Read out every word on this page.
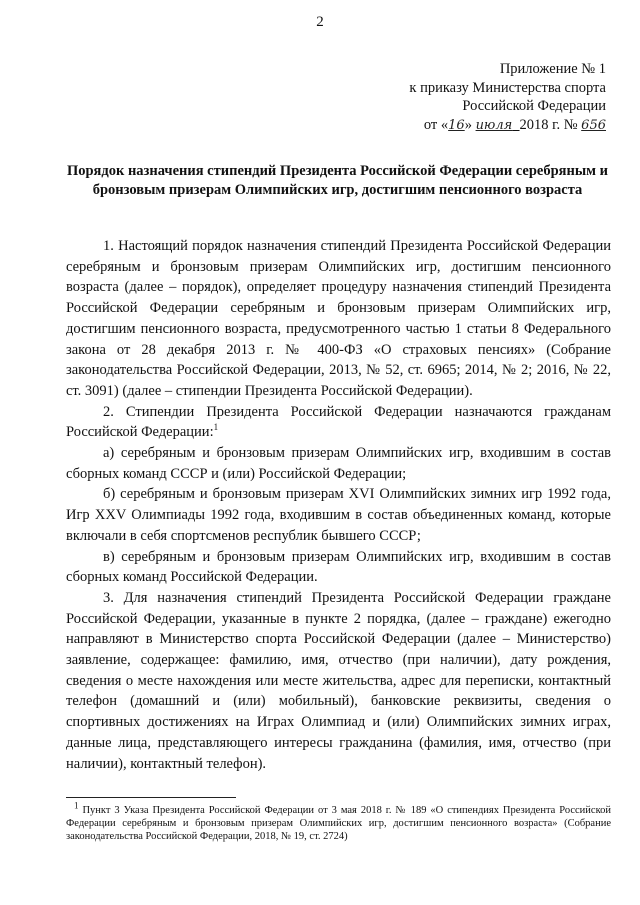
2
Приложение № 1
к приказу Министерства спорта
Российской Федерации
от «16» июля 2018 г. № 656
Порядок назначения стипендий Президента Российской Федерации серебряным и бронзовым призерам Олимпийских игр, достигшим пенсионного возраста

1. Настоящий порядок назначения стипендий Президента Российской Федерации серебряным и бронзовым призерам Олимпийских игр, достигшим пенсионного возраста (далее – порядок), определяет процедуру назначения стипендий Президента Российской Федерации серебряным и бронзовым призерам Олимпийских игр, достигшим пенсионного возраста, предусмотренного частью 1 статьи 8 Федерального закона от 28 декабря 2013 г. № 400-ФЗ «О страховых пенсиях» (Собрание законодательства Российской Федерации, 2013, № 52, ст. 6965; 2014, № 2; 2016, № 22, ст. 3091) (далее – стипендии Президента Российской Федерации).

2. Стипендии Президента Российской Федерации назначаются гражданам Российской Федерации:$^1$

а) серебряным и бронзовым призерам Олимпийских игр, входившим в состав сборных команд СССР и (или) Российской Федерации;

б) серебряным и бронзовым призерам XVI Олимпийских зимних игр 1992 года, Игр XXV Олимпиады 1992 года, входившим в состав объединенных команд, которые включали в себя спортсменов республик бывшего СССР;

в) серебряным и бронзовым призерам Олимпийских игр, входившим в состав сборных команд Российской Федерации.

3. Для назначения стипендий Президента Российской Федерации граждане Российской Федерации, указанные в пункте 2 порядка, (далее – граждане) ежегодно направляют в Министерство спорта Российской Федерации (далее – Министерство) заявление, содержащее: фамилию, имя, отчество (при наличии), дату рождения, сведения о месте нахождения или месте жительства, адрес для переписки, контактный телефон (домашний и (или) мобильный), банковские реквизиты, сведения о спортивных достижениях на Играх Олимпиад и (или) Олимпийских зимних играх, данные лица, представляющего интересы гражданина (фамилия, имя, отчество (при наличии), контактный телефон).

$^1$ Пункт 3 Указа Президента Российской Федерации от 3 мая 2018 г. № 189 «О стипендиях Президента Российской Федерации серебряным и бронзовым призерам Олимпийских игр, достигшим пенсионного возраста» (Собрание законодательства Российской Федерации, 2018, № 19, ст. 2724)
